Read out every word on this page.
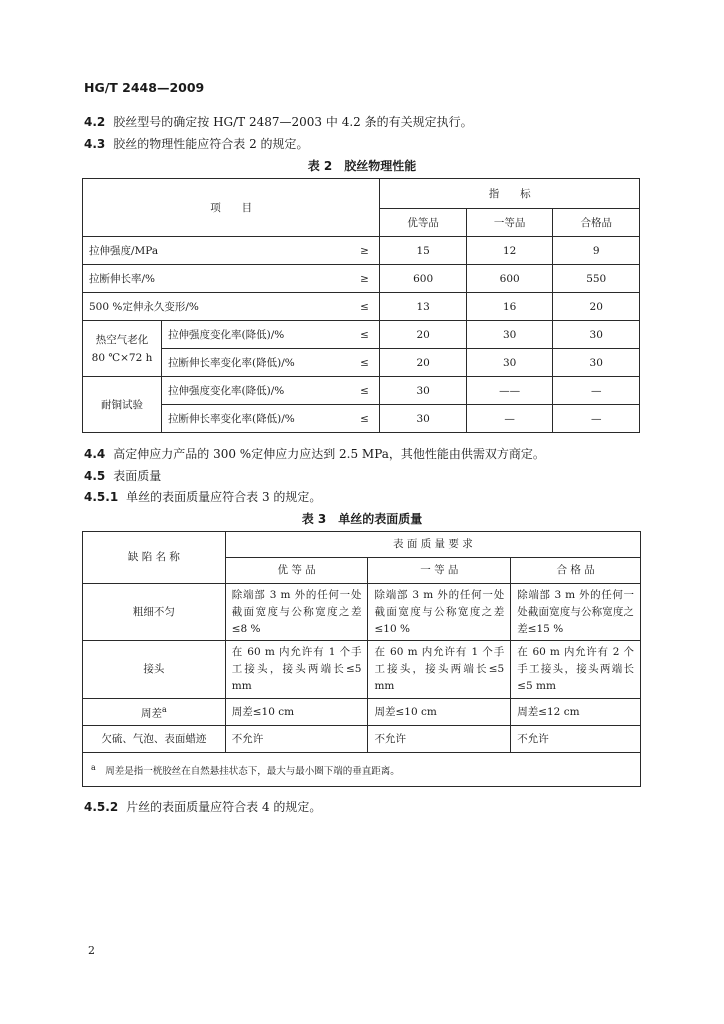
HG/T 2448—2009
4.2 胶丝型号的确定按 HG/T 2487—2003 中 4.2 条的有关规定执行。
4.3 胶丝的物理性能应符合表 2 的规定。
表 2　胶丝物理性能
项　　目			指　　标		
			优等品	一等品	合格品
拉伸强度/MPa		≥	15	12	9
拉断伸长率/%		≥	600	600	550
500 %定伸永久变形/%		≤	13	16	20

热空气老化
80 ℃×72 h	拉伸强度变化率(降低)/%	≤	20	30	30
	拉断伸长率变化率(降低)/%	≤	20	30	30
耐铜试验	拉伸强度变化率(降低)/%	≤	30	——	—
	拉断伸长率变化率(降低)/%	≤	30	—	—
4.4 高定伸应力产品的 300 %定伸应力应达到 2.5 MPa，其他性能由供需双方商定。
4.5 表面质量
4.5.1 单丝的表面质量应符合表 3 的规定。
表 3　单丝的表面质量
缺 陷 名 称	表 面 质 量 要 求		
	优 等 品	一 等 品	合 格 品
粗细不匀	除端部 3 m 外的任何一处截面宽度与公称宽度之差≤8 %	除端部 3 m 外的任何一处截面宽度与公称宽度之差≤10 %	除端部 3 m 外的任何一处截面宽度与公称宽度之差≤15 %
接头	在 60 m 内允许有 1 个手工接头，接头两端长≤5 mm	在 60 m 内允许有 1 个手工接头，接头两端长≤5 mm	在 60 m 内允许有 2 个手工接头，接头两端长≤5 mm
周差$^a$	周差≤10 cm	周差≤10 cm	周差≤12 cm
欠硫、气泡、表面蜡迹	不允许	不允许	不允许
$^a$　 周差是指一桄胶丝在自然悬挂状态下，最大与最小圈下端的垂直距离。			
4.5.2 片丝的表面质量应符合表 4 的规定。
2
